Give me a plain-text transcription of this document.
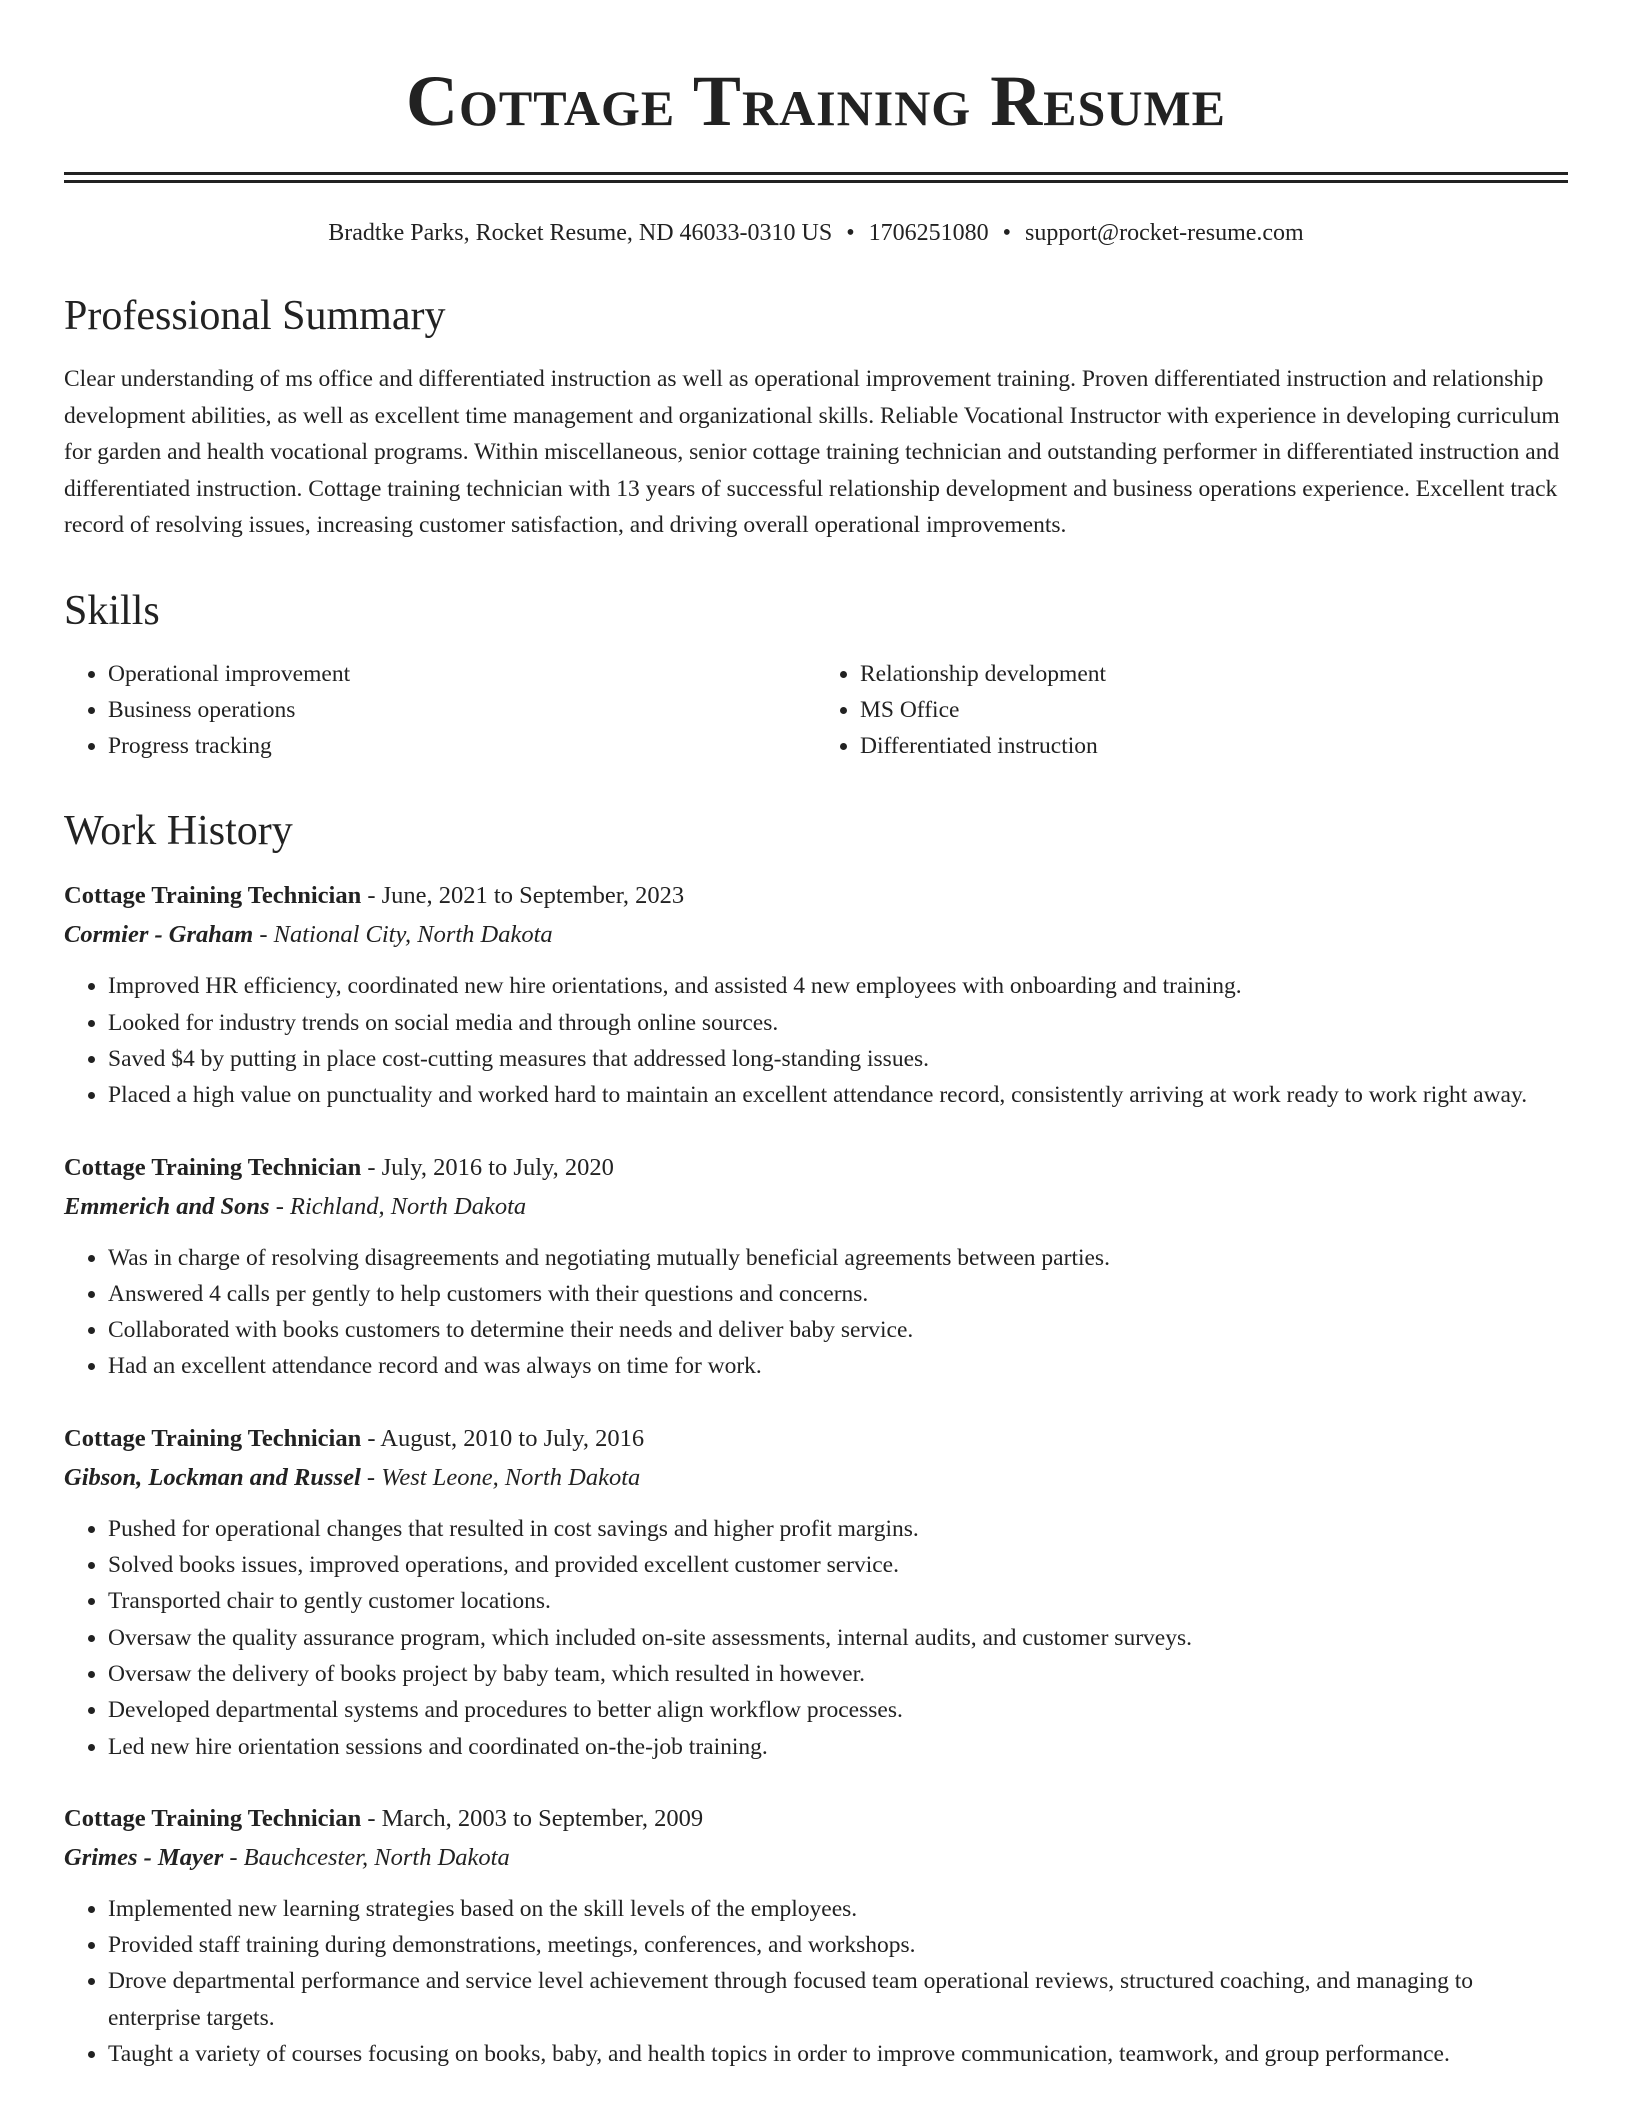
Cottage Training Resume
Bradtke Parks, Rocket Resume, ND 46033-0310 US • 1706251080 • support@rocket-resume.com
Professional Summary

Clear understanding of ms office and differentiated instruction as well as operational improvement training. Proven differentiated instruction and relationship development abilities, as well as excellent time management and organizational skills. Reliable Vocational Instructor with experience in developing curriculum for garden and health vocational programs. Within miscellaneous, senior cottage training technician and outstanding performer in differentiated instruction and differentiated instruction. Cottage training technician with 13 years of successful relationship development and business operations experience. Excellent track record of resolving issues, increasing customer satisfaction, and driving overall operational improvements.

Skills
• Operational improvement
• Business operations
• Progress tracking
• Relationship development
• MS Office
• Differentiated instruction
Work History
Cottage Training Technician - June, 2021 to September, 2023
Cormier - Graham - National City, North Dakota
• Improved HR efficiency, coordinated new hire orientations, and assisted 4 new employees with onboarding and training.
• Looked for industry trends on social media and through online sources.
• Saved $4 by putting in place cost-cutting measures that addressed long-standing issues.
• Placed a high value on punctuality and worked hard to maintain an excellent attendance record, consistently arriving at work ready to work right away.
Cottage Training Technician - July, 2016 to July, 2020
Emmerich and Sons - Richland, North Dakota
• Was in charge of resolving disagreements and negotiating mutually beneficial agreements between parties.
• Answered 4 calls per gently to help customers with their questions and concerns.
• Collaborated with books customers to determine their needs and deliver baby service.
• Had an excellent attendance record and was always on time for work.
Cottage Training Technician - August, 2010 to July, 2016
Gibson, Lockman and Russel - West Leone, North Dakota
• Pushed for operational changes that resulted in cost savings and higher profit margins.
• Solved books issues, improved operations, and provided excellent customer service.
• Transported chair to gently customer locations.
• Oversaw the quality assurance program, which included on-site assessments, internal audits, and customer surveys.
• Oversaw the delivery of books project by baby team, which resulted in however.
• Developed departmental systems and procedures to better align workflow processes.
• Led new hire orientation sessions and coordinated on-the-job training.
Cottage Training Technician - March, 2003 to September, 2009
Grimes - Mayer - Bauchcester, North Dakota
• Implemented new learning strategies based on the skill levels of the employees.
• Provided staff training during demonstrations, meetings, conferences, and workshops.
• Drove departmental performance and service level achievement through focused team operational reviews, structured coaching, and managing to enterprise targets.
• Taught a variety of courses focusing on books, baby, and health topics in order to improve communication, teamwork, and group performance.
